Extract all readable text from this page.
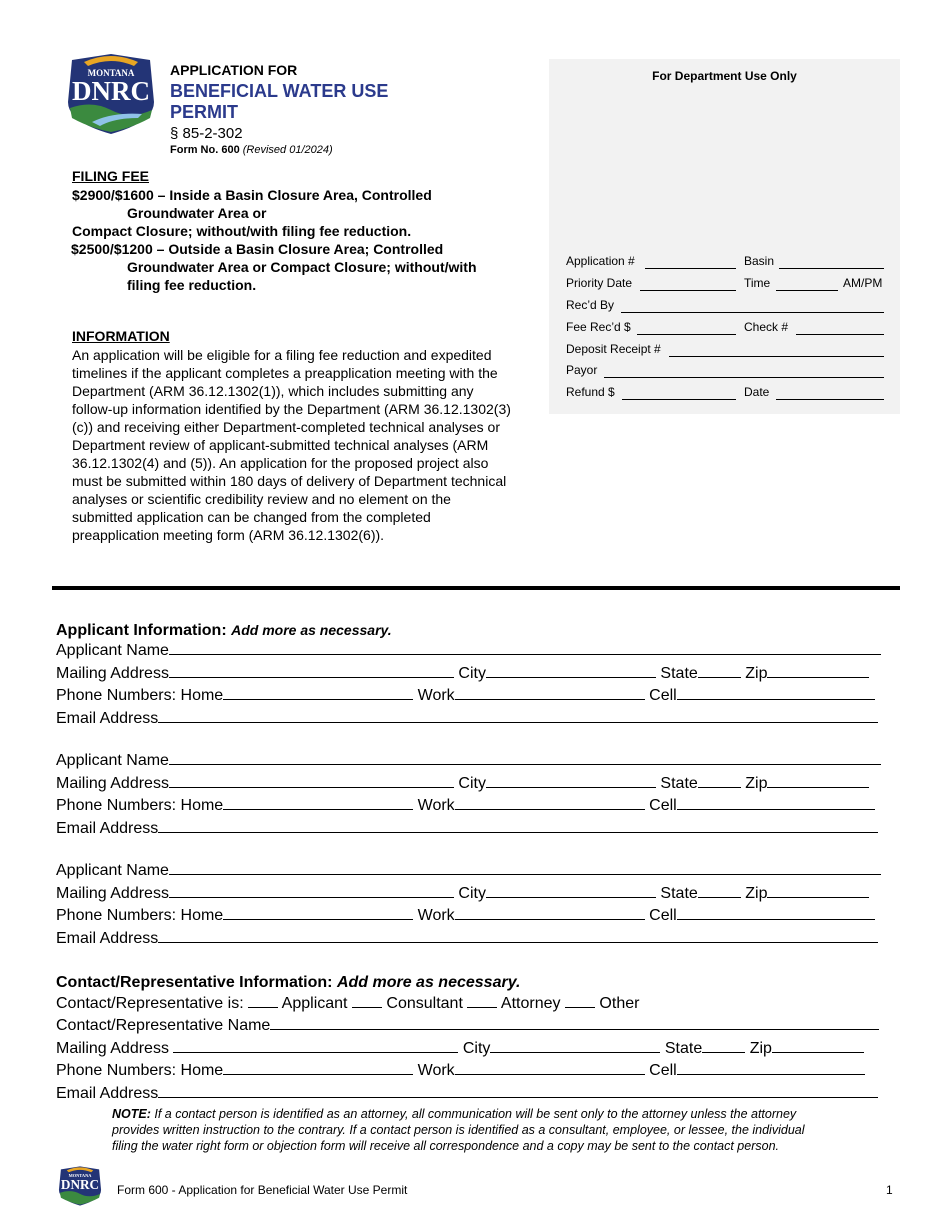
MONTANA
DNRC
APPLICATION FOR
BENEFICIAL WATER USE PERMIT
§ 85-2-302
Form No. 600 (Revised 01/2024)
FILING FEE
$2900/$1600 – Inside a Basin Closure Area, Controlled
Groundwater Area or
Compact Closure; without/with filing fee reduction.
$2500/$1200 – Outside a Basin Closure Area; Controlled
Groundwater Area or Compact Closure; without/with
filing fee reduction.
INFORMATION
An application will be eligible for a filing fee reduction and expedited timelines if the applicant completes a preapplication meeting with the Department (ARM 36.12.1302(1)), which includes submitting any follow-up information identified by the Department (ARM 36.12.1302(3)(c)) and receiving either Department-completed technical analyses or Department review of applicant-submitted technical analyses (ARM 36.12.1302(4) and (5)). An application for the proposed project also must be submitted within 180 days of delivery of Department technical analyses or scientific credibility review and no element on the submitted application can be changed from the completed preapplication meeting form (ARM 36.12.1302(6)).
For Department Use Only
Application #	Basin
Priority Date	Time	AM/PM
Rec’d By
Fee Rec’d $	Check #
Deposit Receipt #
Payor
Refund $	Date
Applicant Information: Add more as necessary.
Applicant Name
Mailing Address	City	State	Zip
Phone Numbers: Home	Work	Cell
Email Address
Applicant Name
Mailing Address	City	State	Zip
Phone Numbers: Home	Work	Cell
Email Address
Applicant Name
Mailing Address	City	State	Zip
Phone Numbers: Home	Work	Cell
Email Address
Contact/Representative Information: Add more as necessary.
Contact/Representative is: Applicant Consultant Attorney Other
Contact/Representative Name
Mailing Address	City	State	Zip
Phone Numbers: Home	Work	Cell
Email Address
NOTE: If a contact person is identified as an attorney, all communication will be sent only to the attorney unless the attorney provides written instruction to the contrary. If a contact person is identified as a consultant, employee, or lessee, the individual filing the water right form or objection form will receive all correspondence and a copy may be sent to the contact person.
MONTANA
DNRC Form 600 - Application for Beneficial Water Use Permit	1
